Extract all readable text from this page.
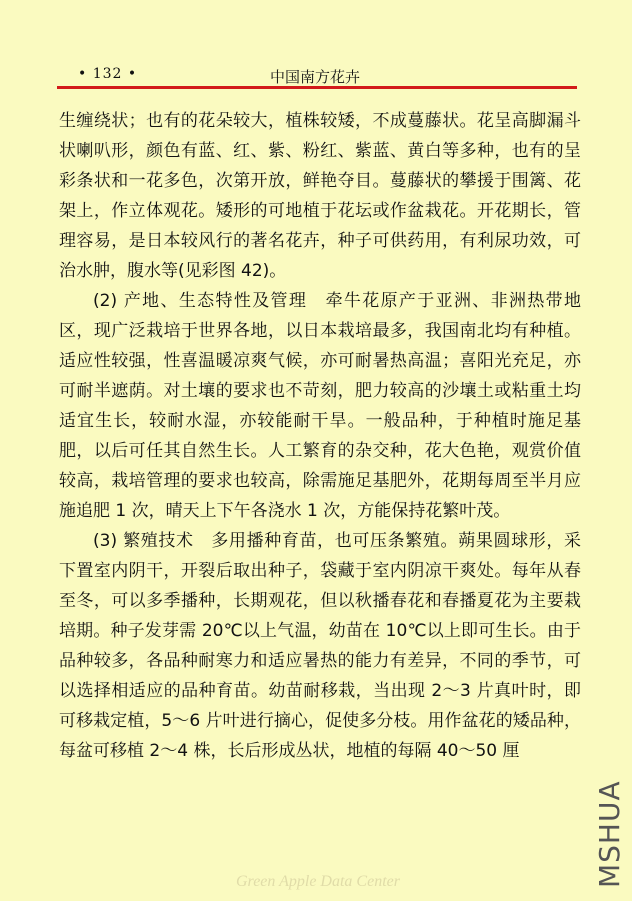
• 132 •	中国南方花卉

生缠绕状；也有的花朵较大，植株较矮，不成蔓藤状。花呈高脚漏斗状喇叭形，颜色有蓝、红、紫、粉红、紫蓝、黄白等多种，也有的呈彩条状和一花多色，次第开放，鲜艳夺目。蔓藤状的攀援于围篱、花架上，作立体观花。矮形的可地植于花坛或作盆栽花。开花期长，管理容易，是日本较风行的著名花卉，种子可供药用，有利尿功效，可治水肿，腹水等(见彩图 42)。

(2) 产地、生态特性及管理　牵牛花原产于亚洲、非洲热带地区，现广泛栽培于世界各地，以日本栽培最多，我国南北均有种植。适应性较强，性喜温暖凉爽气候，亦可耐暑热高温；喜阳光充足，亦可耐半遮荫。对土壤的要求也不苛刻，肥力较高的沙壤土或粘重土均适宜生长，较耐水湿，亦较能耐干旱。一般品种，于种植时施足基肥，以后可任其自然生长。人工繁育的杂交种，花大色艳，观赏价值较高，栽培管理的要求也较高，除需施足基肥外，花期每周至半月应施追肥 1 次，晴天上下午各浇水 1 次，方能保持花繁叶茂。

(3) 繁殖技术　多用播种育苗，也可压条繁殖。蒴果圆球形，采下置室内阴干，开裂后取出种子，袋藏于室内阴凉干爽处。每年从春至冬，可以多季播种，长期观花，但以秋播春花和春播夏花为主要栽培期。种子发芽需 20℃以上气温，幼苗在 10℃以上即可生长。由于品种较多，各品种耐寒力和适应暑热的能力有差异，不同的季节，可以选择相适应的品种育苗。幼苗耐移栽，当出现 2～3 片真叶时，即可移栽定植，5～6 片叶进行摘心，促使多分枝。用作盆花的矮品种，每盆可移植 2～4 株，长后形成丛状，地植的每隔 40～50 厘

MSHUA
Green Apple Data Center
